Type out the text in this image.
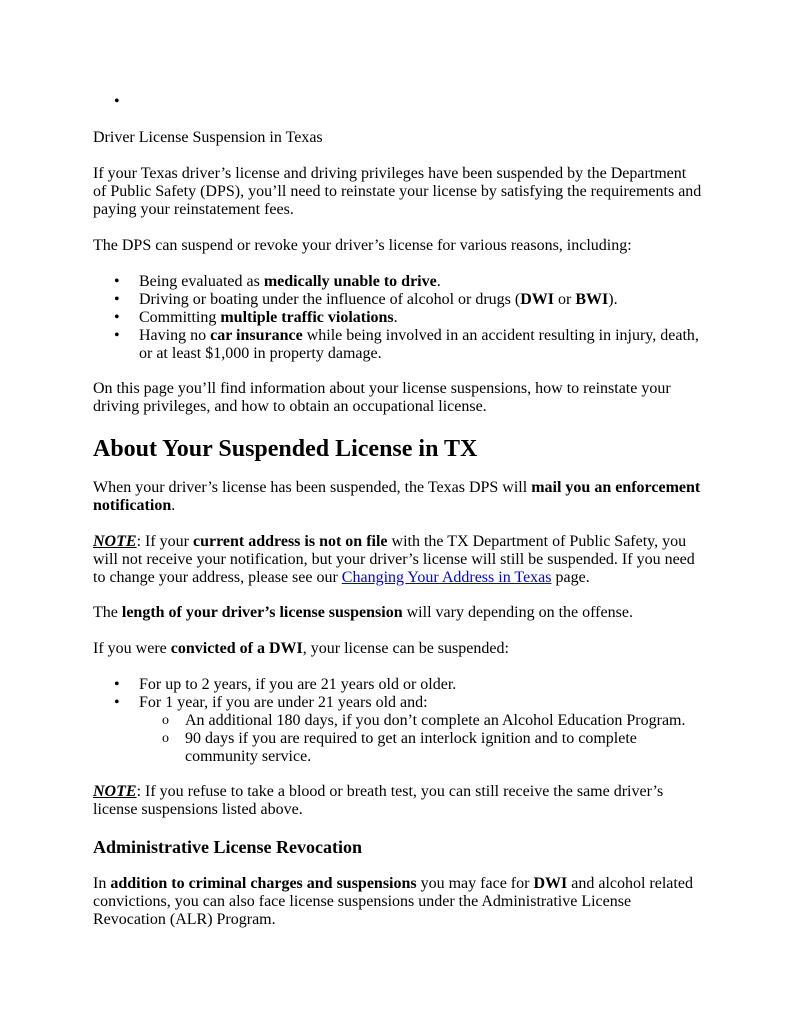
•

Driver License Suspension in Texas

If your Texas driver’s license and driving privileges have been suspended by the Department of Public Safety (DPS), you’ll need to reinstate your license by satisfying the requirements and paying your reinstatement fees.

The DPS can suspend or revoke your driver’s license for various reasons, including:

• Being evaluated as medically unable to drive.
• Driving or boating under the influence of alcohol or drugs (DWI or BWI).
• Committing multiple traffic violations.
• Having no car insurance while being involved in an accident resulting in injury, death, or at least $1,000 in property damage.

On this page you’ll find information about your license suspensions, how to reinstate your driving privileges, and how to obtain an occupational license.

About Your Suspended License in TX

When your driver’s license has been suspended, the Texas DPS will mail you an enforcement notification.

NOTE: If your current address is not on file with the TX Department of Public Safety, you will not receive your notification, but your driver’s license will still be suspended. If you need to change your address, please see our Changing Your Address in Texas page.

The length of your driver’s license suspension will vary depending on the offense.

If you were convicted of a DWI, your license can be suspended:

• For up to 2 years, if you are 21 years old or older.
• For 1 year, if you are under 21 years old and:
o An additional 180 days, if you don’t complete an Alcohol Education Program.
o 90 days if you are required to get an interlock ignition and to complete community service.

NOTE: If you refuse to take a blood or breath test, you can still receive the same driver’s license suspensions listed above.

Administrative License Revocation

In addition to criminal charges and suspensions you may face for DWI and alcohol related convictions, you can also face license suspensions under the Administrative License Revocation (ALR) Program.
